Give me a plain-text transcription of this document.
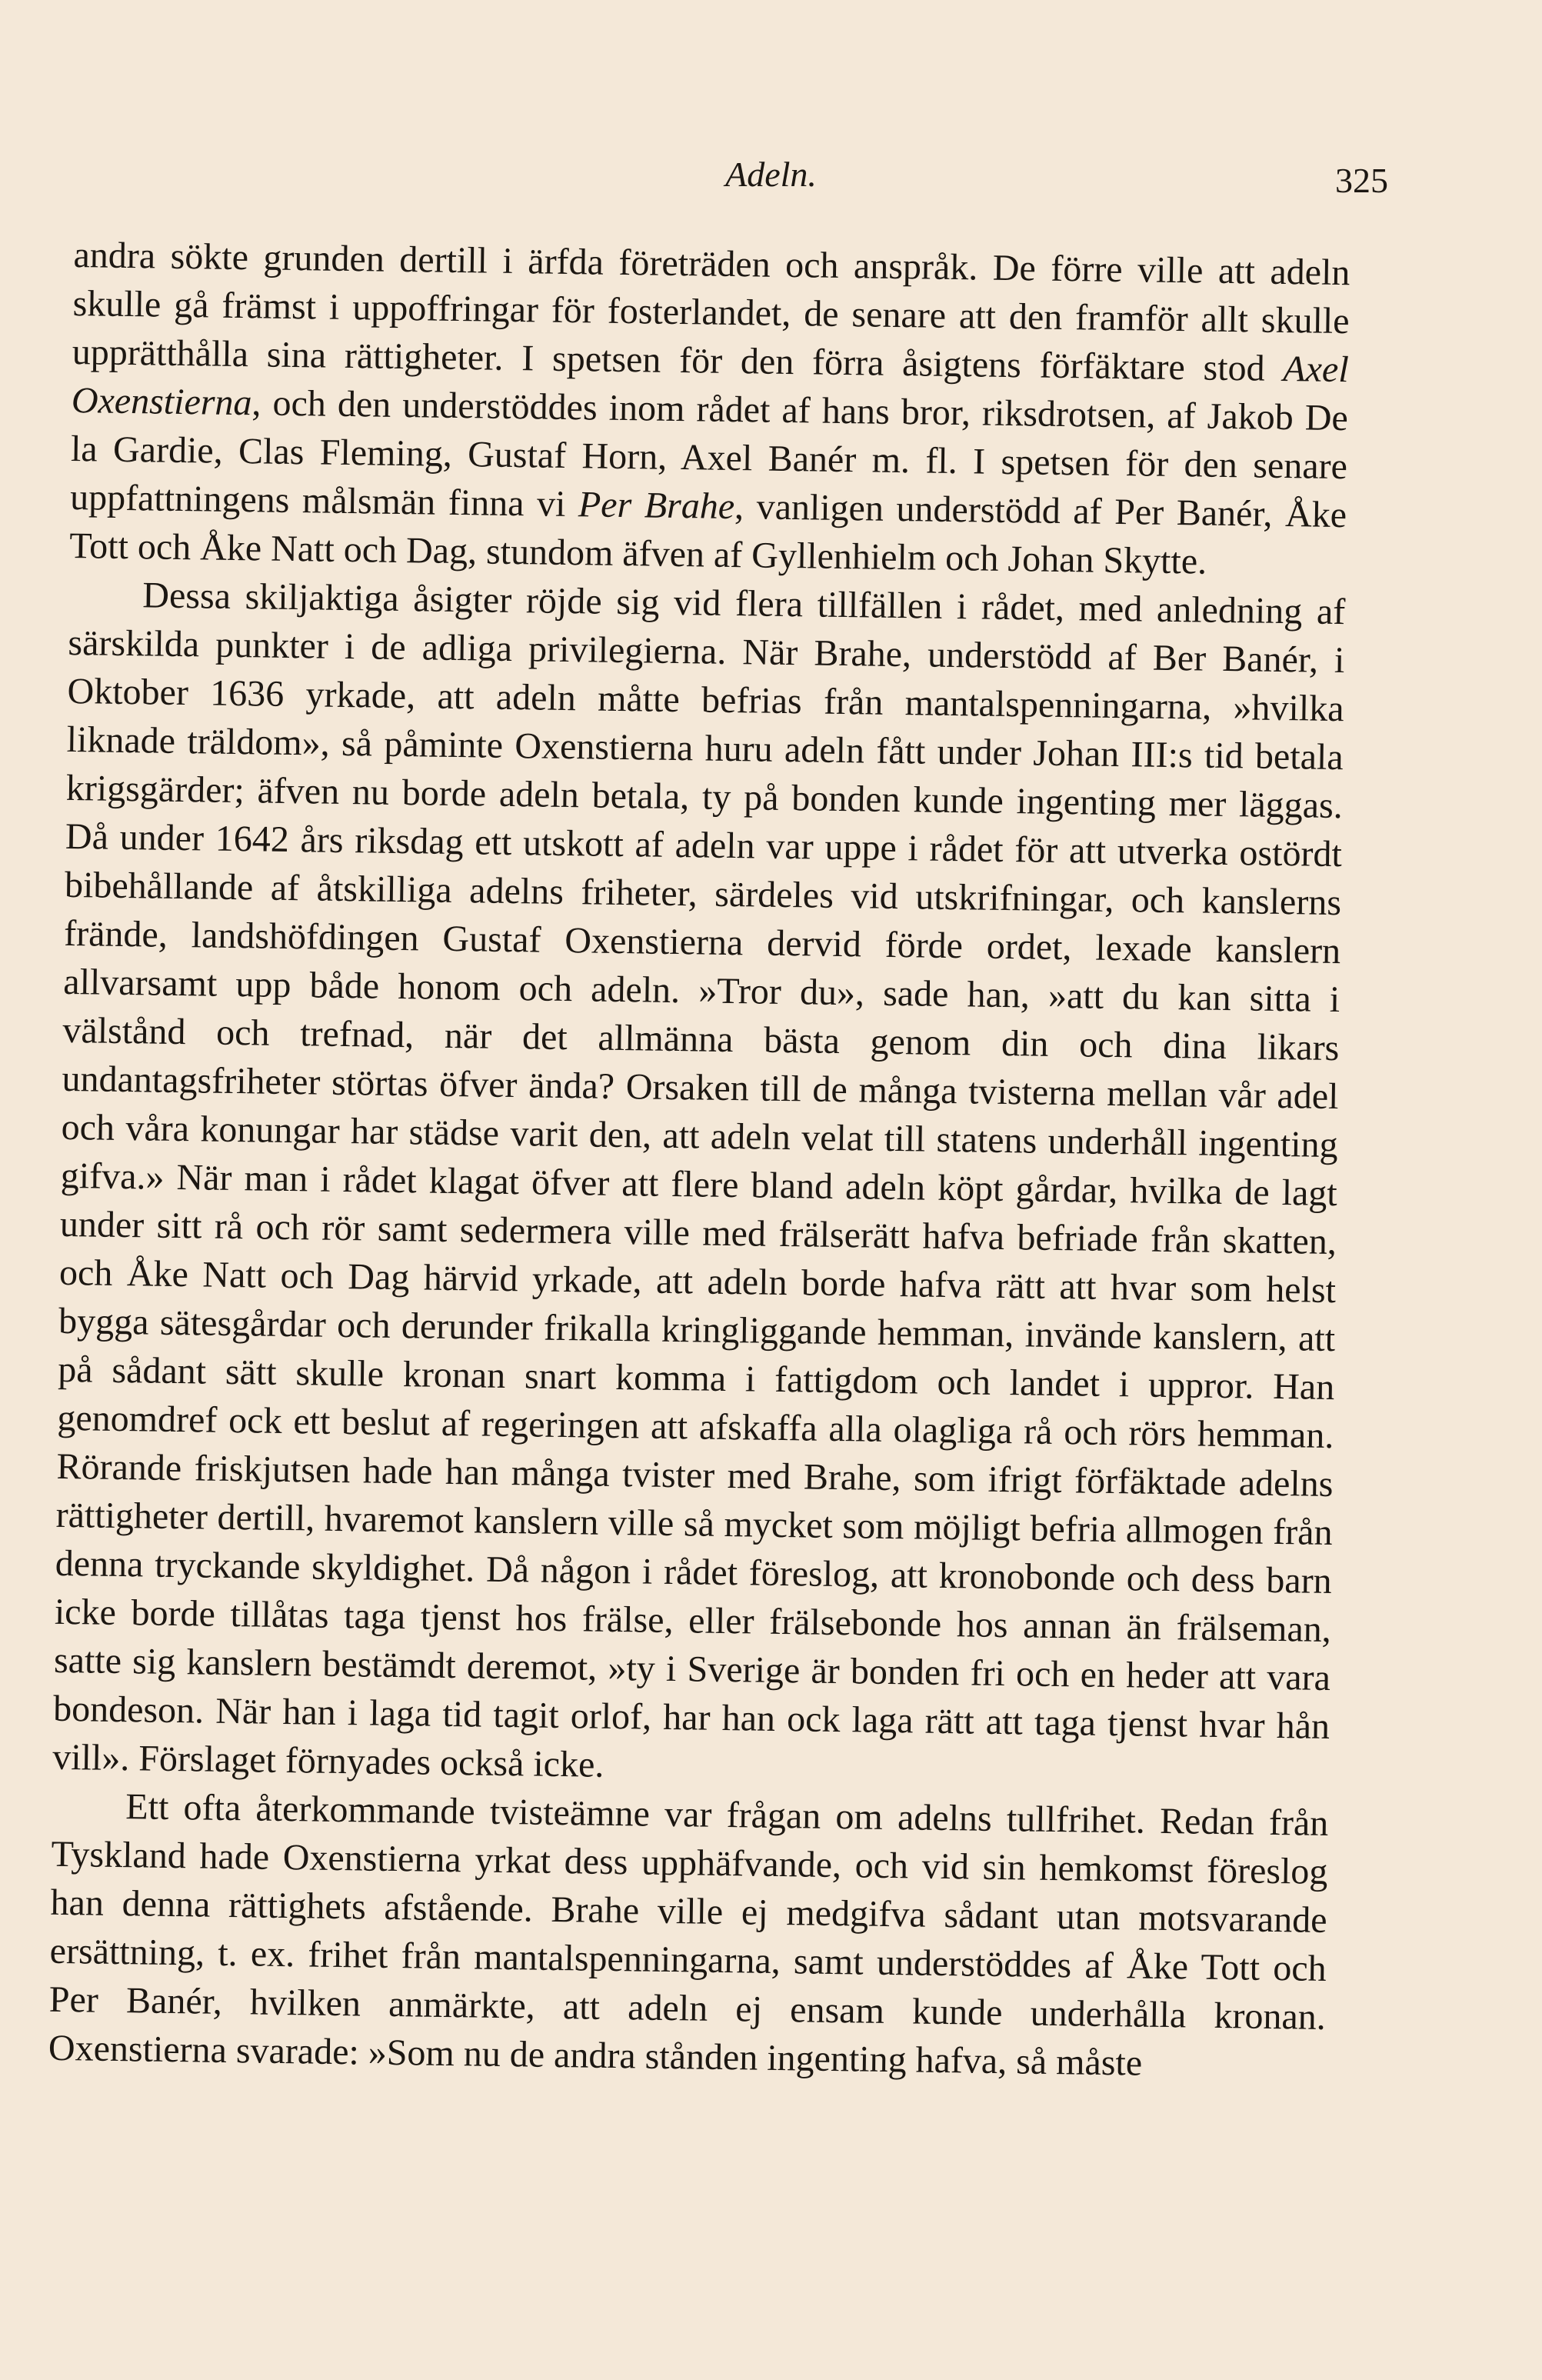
Adeln.	325

andra sökte grunden dertill i ärfda företräden och anspråk. De förre ville att adeln skulle gå främst i uppoffringar för fosterlandet, de senare att den framför allt skulle upprätthålla sina rättigheter. I spetsen för den förra åsigtens förfäktare stod Axel Oxenstierna, och den understöddes inom rådet af hans bror, riksdrotsen, af Jakob De la Gardie, Clas Fleming, Gustaf Horn, Axel Banér m. fl. I spetsen för den senare uppfattningens målsmän finna vi Per Brahe, vanligen understödd af Per Banér, Åke Tott och Åke Natt och Dag, stundom äfven af Gyllenhielm och Johan Skytte.

Dessa skiljaktiga åsigter röjde sig vid flera tillfällen i rådet, med anledning af särskilda punkter i de adliga privilegierna. När Brahe, understödd af Ber Banér, i Oktober 1636 yrkade, att adeln måtte befrias från mantalspenningarna, »hvilka liknade träldom», så påminte Oxenstierna huru adeln fått under Johan III:s tid betala krigsgärder; äfven nu borde adeln betala, ty på bonden kunde ingenting mer läggas. Då under 1642 års riksdag ett utskott af adeln var uppe i rådet för att utverka ostördt bibehållande af åtskilliga adelns friheter, särdeles vid utskrifningar, och kanslerns frände, landshöfdingen Gustaf Oxenstierna dervid förde ordet, lexade kanslern allvarsamt upp både honom och adeln. »Tror du», sade han, »att du kan sitta i välstånd och trefnad, när det allmänna bästa genom din och dina likars undantagsfriheter störtas öfver ända? Orsaken till de många tvisterna mellan vår adel och våra konungar har städse varit den, att adeln velat till statens underhåll ingenting gifva.» När man i rådet klagat öfver att flere bland adeln köpt gårdar, hvilka de lagt under sitt rå och rör samt sedermera ville med frälserätt hafva befriade från skatten, och Åke Natt och Dag härvid yrkade, att adeln borde hafva rätt att hvar som helst bygga sätesgårdar och derunder frikalla kringliggande hemman, invände kanslern, att på sådant sätt skulle kronan snart komma i fattigdom och landet i uppror. Han genomdref ock ett beslut af regeringen att afskaffa alla olagliga rå och rörs hemman. Rörande friskjutsen hade han många tvister med Brahe, som ifrigt förfäktade adelns rättigheter dertill, hvaremot kanslern ville så mycket som möjligt befria allmogen från denna tryckande skyldighet. Då någon i rådet föreslog, att kronobonde och dess barn icke borde tillåtas taga tjenst hos frälse, eller frälsebonde hos annan än frälseman, satte sig kanslern bestämdt deremot, »ty i Sverige är bonden fri och en heder att vara bondeson. När han i laga tid tagit orlof, har han ock laga rätt att taga tjenst hvar hån vill». Förslaget förnyades också icke.

Ett ofta återkommande tvisteämne var frågan om adelns tullfrihet. Redan från Tyskland hade Oxenstierna yrkat dess upphäfvande, och vid sin hemkomst föreslog han denna rättighets afstående. Brahe ville ej medgifva sådant utan motsvarande ersättning, t. ex. frihet från mantalspenningarna, samt understöddes af Åke Tott och Per Banér, hvilken anmärkte, att adeln ej ensam kunde underhålla kronan. Oxenstierna svarade: »Som nu de andra stånden ingenting hafva, så måste
